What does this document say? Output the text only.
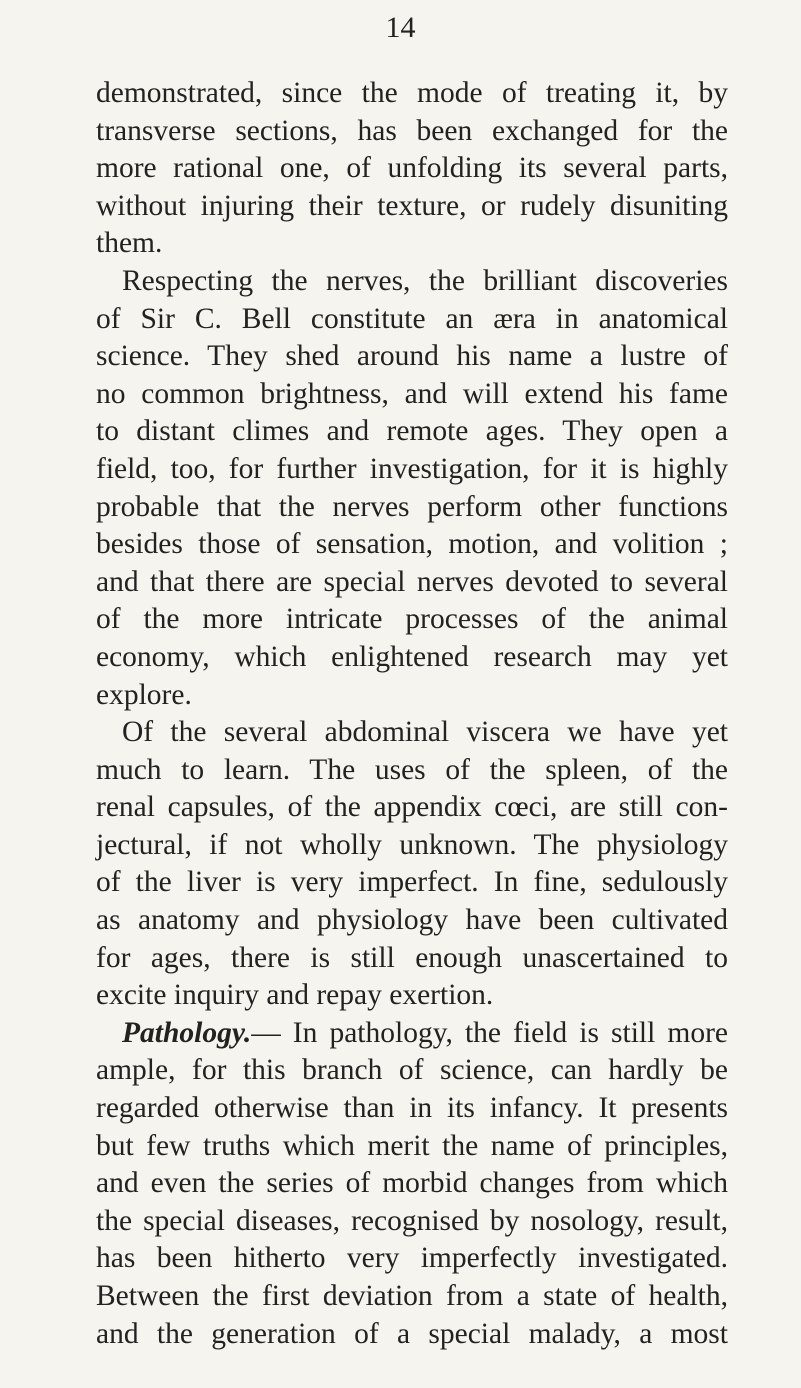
14
demonstrated, since the mode of treating it, by
transverse sections, has been exchanged for the
more rational one, of unfolding its several parts,
without injuring their texture, or rudely disuniting
them.
Respecting the nerves, the brilliant discoveries
of Sir C. Bell constitute an æra in anatomical
science. They shed around his name a lustre of
no common brightness, and will extend his fame
to distant climes and remote ages. They open a
field, too, for further investigation, for it is highly
probable that the nerves perform other functions
besides those of sensation, motion, and volition ;
and that there are special nerves devoted to several
of the more intricate processes of the animal
economy, which enlightened research may yet
explore.
Of the several abdominal viscera we have yet
much to learn. The uses of the spleen, of the
renal capsules, of the appendix cœci, are still con-
jectural, if not wholly unknown. The physiology
of the liver is very imperfect. In fine, sedulously
as anatomy and physiology have been cultivated
for ages, there is still enough unascertained to
excite inquiry and repay exertion.
Pathology.— In pathology, the field is still more
ample, for this branch of science, can hardly be
regarded otherwise than in its infancy. It presents
but few truths which merit the name of principles,
and even the series of morbid changes from which
the special diseases, recognised by nosology, result,
has been hitherto very imperfectly investigated.
Between the first deviation from a state of health,
and the generation of a special malady, a most
